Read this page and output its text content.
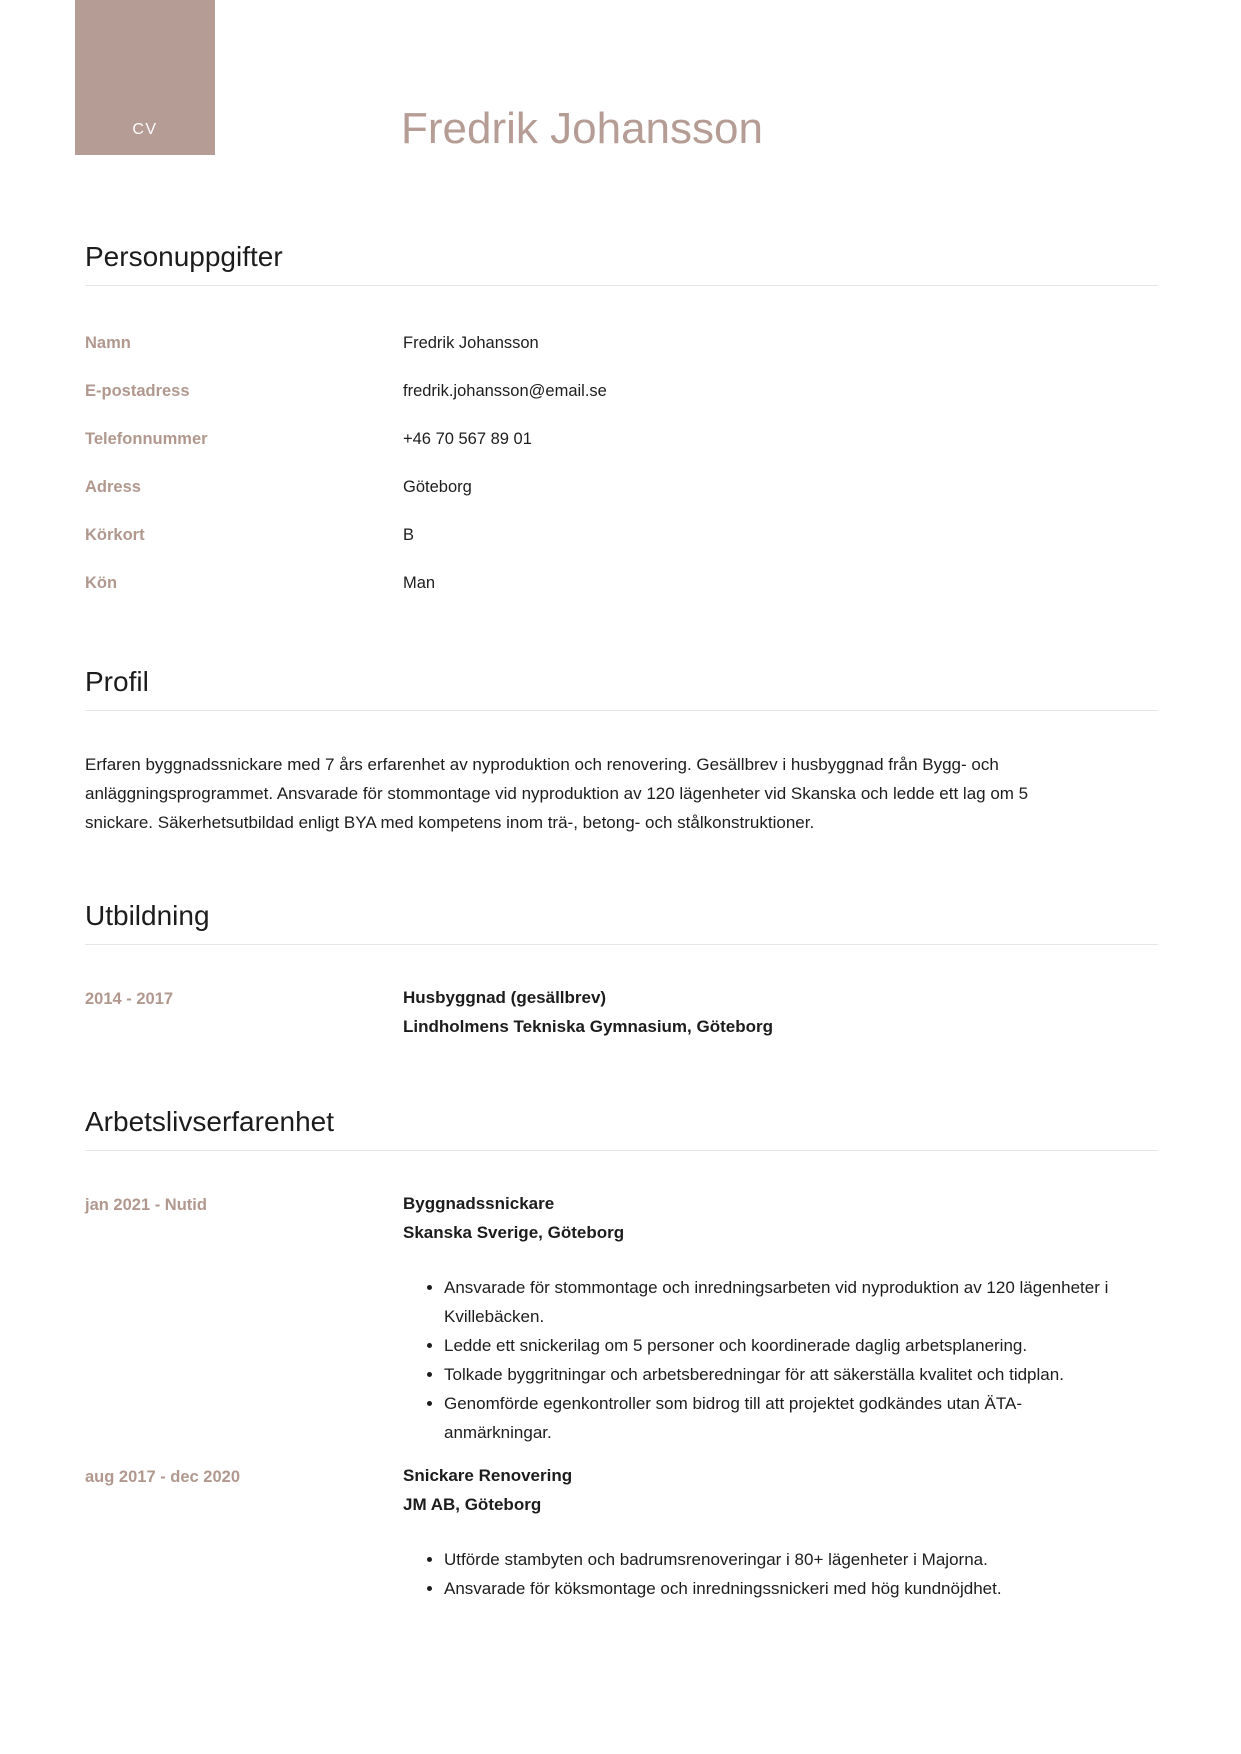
CV	Fredrik Johansson
Personuppgifter
Namn	Fredrik Johansson
E-postadress	fredrik.johansson@email.se
Telefonnummer	+46 70 567 89 01
Adress	Göteborg
Körkort	B
Kön	Man
Profil

Erfaren byggnadssnickare med 7 års erfarenhet av nyproduktion och renovering. Gesällbrev i husbyggnad från Bygg- och anläggningsprogrammet. Ansvarade för stommontage vid nyproduktion av 120 lägenheter vid Skanska och ledde ett lag om 5 snickare. Säkerhetsutbildad enligt BYA med kompetens inom trä-, betong- och stålkonstruktioner.

Utbildning
2014 - 2017	Husbyggnad (gesällbrev)
Lindholmens Tekniska Gymnasium, Göteborg
Arbetslivserfarenhet
jan 2021 - Nutid	Byggnadssnickare
Skanska Sverige, Göteborg
• Ansvarade för stommontage och inredningsarbeten vid nyproduktion av 120 lägenheter i Kvillebäcken.
• Ledde ett snickerilag om 5 personer och koordinerade daglig arbetsplanering.
• Tolkade byggritningar och arbetsberedningar för att säkerställa kvalitet och tidplan.
• Genomförde egenkontroller som bidrog till att projektet godkändes utan ÄTA-anmärkningar.
aug 2017 - dec 2020	Snickare Renovering
JM AB, Göteborg
• Utförde stambyten och badrumsrenoveringar i 80+ lägenheter i Majorna.
• Ansvarade för köksmontage och inredningssnickeri med hög kundnöjdhet.
